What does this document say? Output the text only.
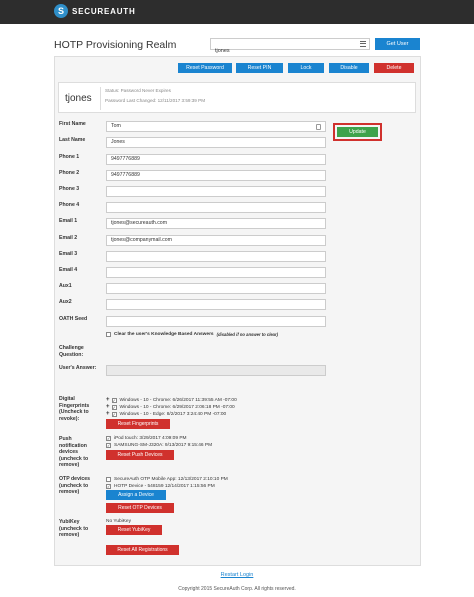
S	SECUREAUTH
HOTP Provisioning Realm
tjones	Get User
Reset Password	Reset PIN	Lock	Disable	Delete
tjones
Status: Password Never Expires
Password Last Changed: 12/11/2017 3:59:39 PM
First Name	Tom
Update
Last Name	Jones
Phone 1	9497776889
Phone 2	9497776889
Phone 3
Phone 4
Email 1	tjones@secureauth.com
Email 2	tjones@companymail.com
Email 3
Email 4
Aux1
Aux2
OATH Seed
Clear the user's Knowledge Based Answers (disabled if no answer to clear)
Challenge Question:
User's Answer:
Digital Fingerprints (Uncheck to revoke):
+ ✓ Windows - 10 - Chrome: 6/26/2017 11:39:55 AM -07:00
+ ✓ Windows - 10 - Chrome: 6/29/2017 2:06:18 PM -07:00
+ ✓ Windows - 10 - Edge: 8/2/2017 3:24:40 PM -07:00
Reset Fingerprints
Push notification devices (uncheck to remove)
✓ iPod touch: 3/29/2017 4:09:09 PM
✓ SAMSUNG-SM-J320A: 9/13/2017 9:15:46 PM
Reset Push Devices
OTP devices (uncheck to remove)
SecureAuth OTP Mobile App: 12/13/2017 2:10:10 PM
✓ HOTP Device - 548159 12/14/2017 1:15:56 PM
Assign a Device
Reset OTP Devices
YubiKey (uncheck to remove)
No YubiKey
Reset YubiKey
Reset All Registrations
Restart Login
Copyright 2015 SecureAuth Corp. All rights reserved.
